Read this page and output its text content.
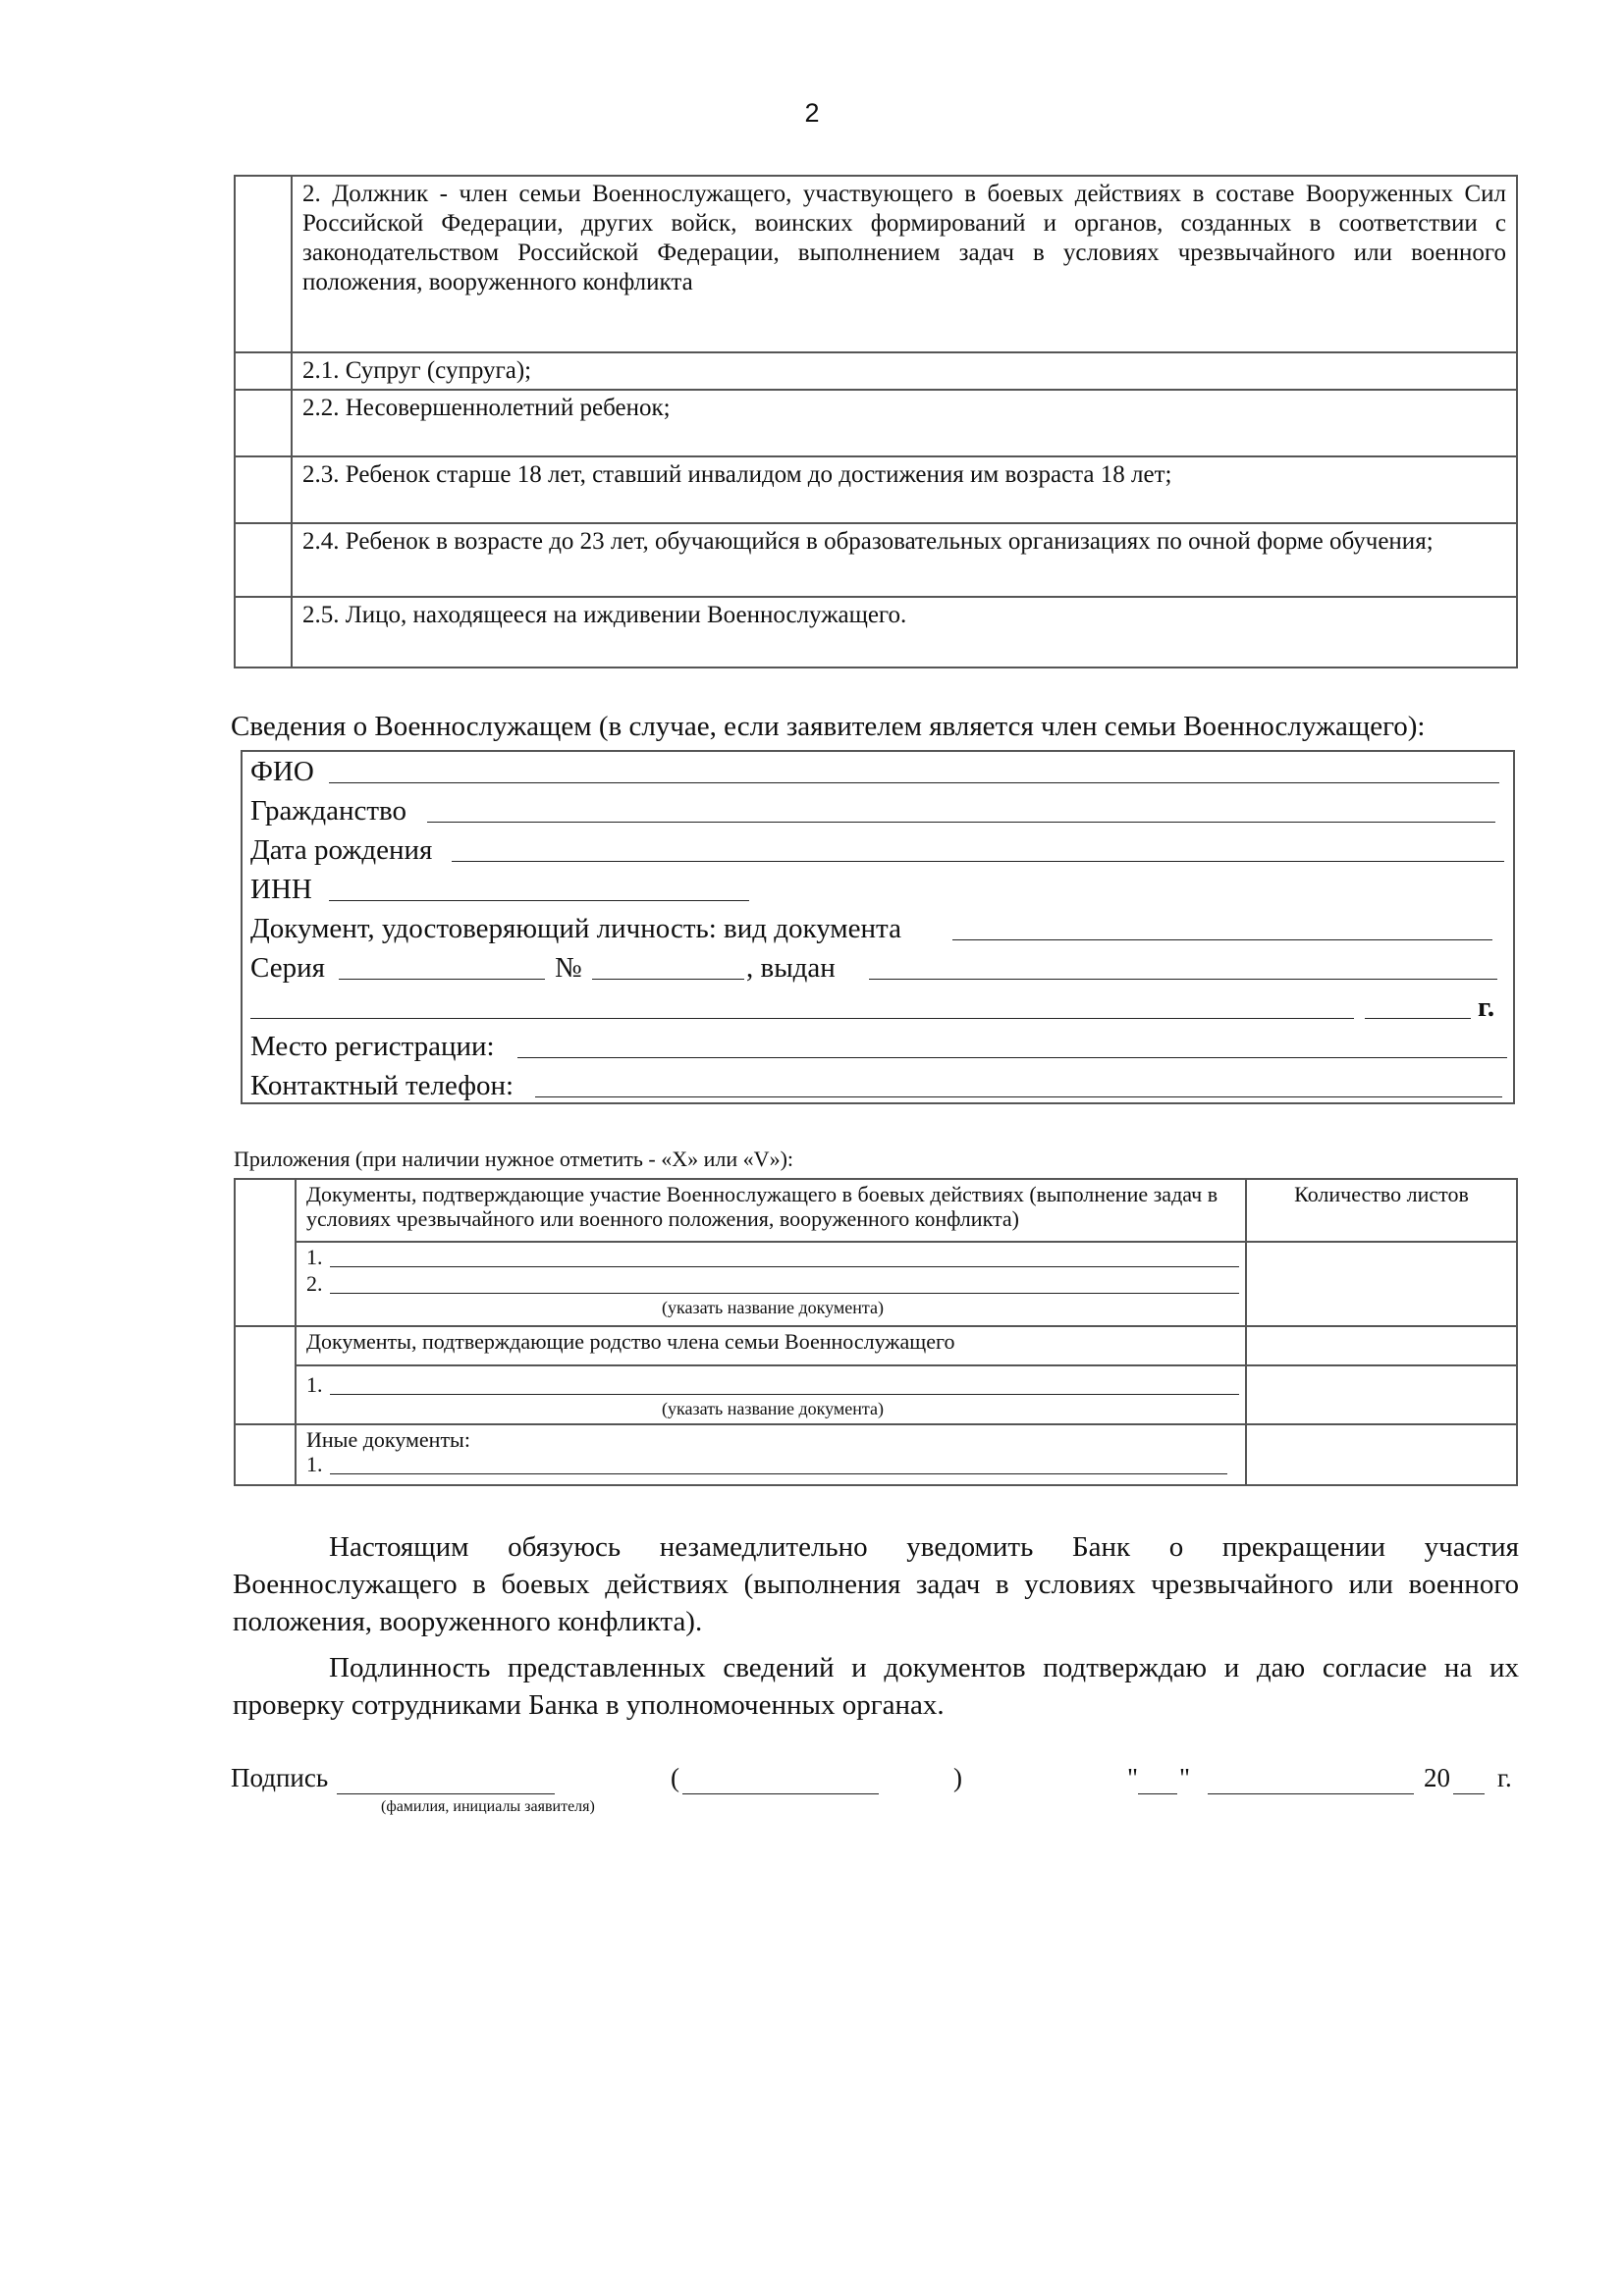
2
	2. Должник - член семьи Военнослужащего, участвующего в боевых действиях в составе Вооруженных Сил Российской Федерации, других войск, воинских формирований и органов, созданных в соответствии с законодательством Российской Федерации, выполнением задач в условиях чрезвычайного или военного положения, вооруженного конфликта
	2.1. Супруг (супруга);
	2.2. Несовершеннолетний ребенок;
	2.3. Ребенок старше 18 лет, ставший инвалидом до достижения им возраста 18 лет;
	2.4. Ребенок в возрасте до 23 лет, обучающийся в образовательных организациях по очной форме обучения;
	2.5. Лицо, находящееся на иждивении Военнослужащего.
Сведения о Военнослужащем (в случае, если заявителем является член семьи Военнослужащего):
ФИО
Гражданство
Дата рождения
ИНН
Документ, удостоверяющий личность: вид документа
Серия	№	, выдан
г.
Место регистрации:
Контактный телефон:
Приложения (при наличии нужное отметить - «X» или «V»):
	Документы, подтверждающие участие Военнослужащего в боевых действиях (выполнение задач в условиях чрезвычайного или военного положения, вооруженного конфликта)	Количество листов

	1.
2.
(указать название документа)	

	Документы, подтверждающие родство члена семьи Военнослужащего	

	1.
(указать название документа)	

	Иные документы:
1.	

Настоящим обязуюсь незамедлительно уведомить Банк о прекращении участия Военнослужащего в боевых действиях (выполнения задач в условиях чрезвычайного или военного положения, вооруженного конфликта).
Подлинность представленных сведений и документов подтверждаю и даю согласие на их проверку сотрудниками Банка в уполномоченных органах.
Подпись	(	)	" "	20 г.
(фамилия, инициалы заявителя)
